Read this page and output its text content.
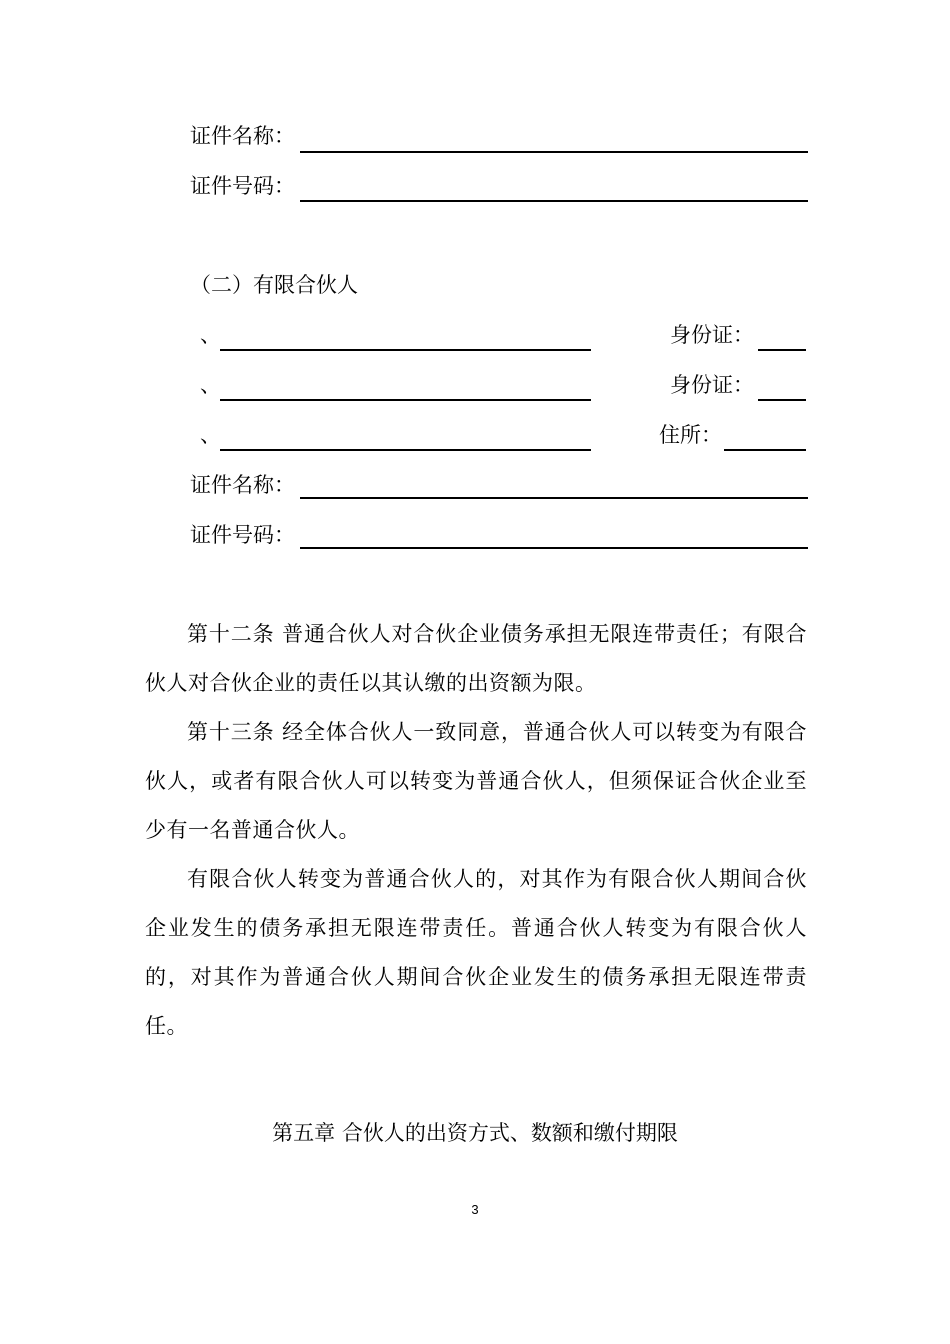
证件名称：
证件号码：
（二）有限合伙人
、	身份证：
、	身份证：
、	住所：
证件名称：
证件号码：
第十二条 普通合伙人对合伙企业债务承担无限连带责任；有限合伙人对合伙企业的责任以其认缴的出资额为限。
第十三条 经全体合伙人一致同意，普通合伙人可以转变为有限合伙人，或者有限合伙人可以转变为普通合伙人，但须保证合伙企业至少有一名普通合伙人。
有限合伙人转变为普通合伙人的，对其作为有限合伙人期间合伙企业发生的债务承担无限连带责任。普通合伙人转变为有限合伙人的，对其作为普通合伙人期间合伙企业发生的债务承担无限连带责任。
第五章 合伙人的出资方式、数额和缴付期限
3
